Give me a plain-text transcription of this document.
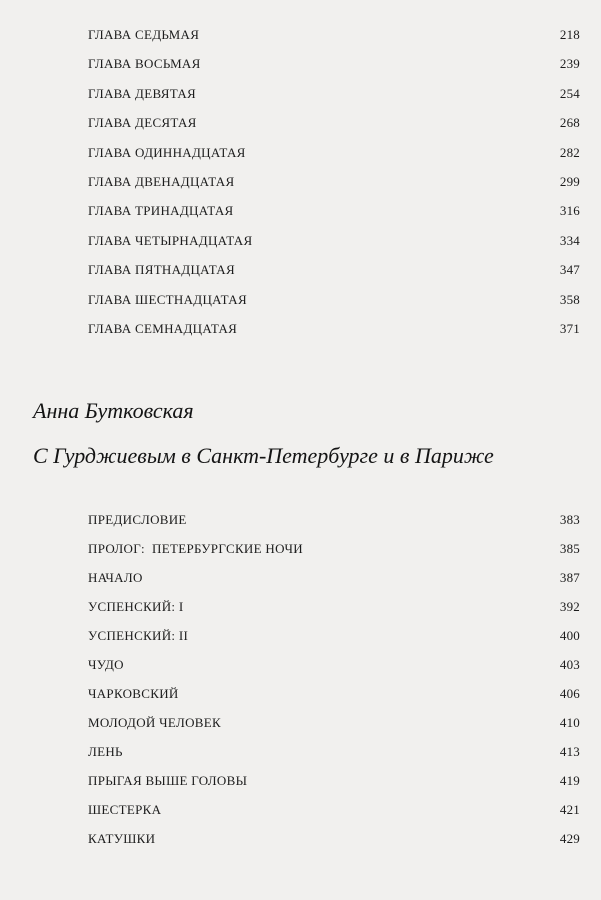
ГЛАВА СЕДЬМАЯ	218
ГЛАВА ВОСЬМАЯ	239
ГЛАВА ДЕВЯТАЯ	254
ГЛАВА ДЕСЯТАЯ	268
ГЛАВА ОДИННАДЦАТАЯ	282
ГЛАВА ДВЕНАДЦАТАЯ	299
ГЛАВА ТРИНАДЦАТАЯ	316
ГЛАВА ЧЕТЫРНАДЦАТАЯ	334
ГЛАВА ПЯТНАДЦАТАЯ	347
ГЛАВА ШЕСТНАДЦАТАЯ	358
ГЛАВА СЕМНАДЦАТАЯ	371
Анна Бутковская
С Гурджиевым в Санкт-Петербурге и в Париже
ПРЕДИСЛОВИЕ	383
ПРОЛОГ:  ПЕТЕРБУРГСКИЕ НОЧИ	385
НАЧАЛО	387
УСПЕНСКИЙ: I	392
УСПЕНСКИЙ: II	400
ЧУДО	403
ЧАРКОВСКИЙ	406
МОЛОДОЙ ЧЕЛОВЕК	410
ЛЕНЬ	413
ПРЫГАЯ ВЫШЕ ГОЛОВЫ	419
ШЕСТЕРКА	421
КАТУШКИ	429
